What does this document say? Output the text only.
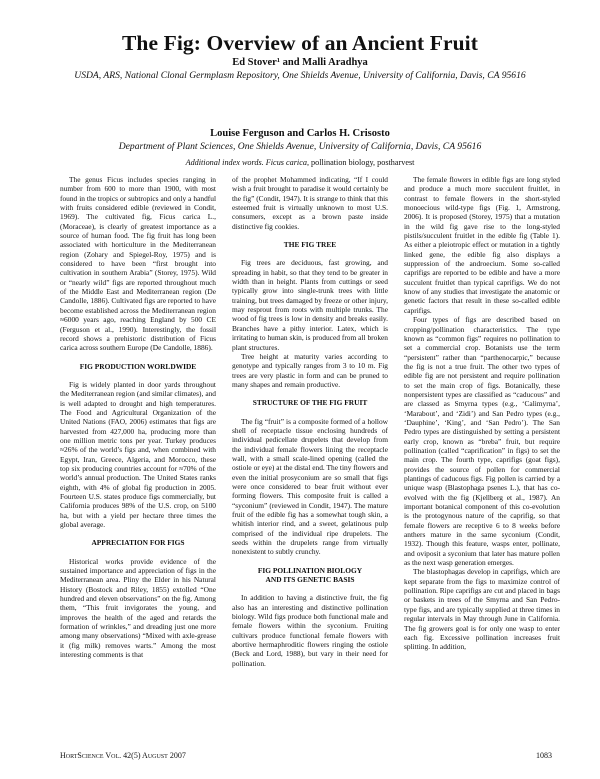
The Fig: Overview of an Ancient Fruit
Ed Stover¹ and Malli Aradhya
USDA, ARS, National Clonal Germplasm Repository, One Shields Avenue, University of California, Davis, CA 95616
Louise Ferguson and Carlos H. Crisosto
Department of Plant Sciences, One Shields Avenue, University of California, Davis, CA 95616
Additional index words. Ficus carica, pollination biology, postharvest

The genus Ficus includes species ranging in number from 600 to more than 1900, with most found in the tropics or subtropics and only a handful with fruits considered edible (reviewed in Condit, 1969). The cultivated fig, Ficus carica L., (Moraceae), is clearly of greatest importance as a source of human food. The fig fruit has long been associated with horticulture in the Mediterranean region (Zohary and Spiegel-Roy, 1975) and is considered to have been “first brought into cultivation in southern Arabia” (Storey, 1975). Wild or “nearly wild” figs are reported throughout much of the Middle East and Mediterranean region (De Candolle, 1886). Cultivated figs are reported to have become established across the Mediterranean region ≈6000 years ago, reaching England by 500 CE (Ferguson et al., 1990). Interestingly, the fossil record shows a prehistoric distribution of Ficus carica across southern Europe (De Candolle, 1886).

FIG PRODUCTION WORLDWIDE

Fig is widely planted in door yards throughout the Mediterranean region (and similar climates), and is well adapted to drought and high temperatures. The Food and Agricultural Organization of the United Nations (FAO, 2006) estimates that figs are harvested from 427,000 ha, producing more than one million metric tons per year. Turkey produces ≈26% of the world’s figs and, when combined with Egypt, Iran, Greece, Algeria, and Morocco, these top six producing countries account for ≈70% of the world’s annual production. The United States ranks eighth, with 4% of global fig production in 2005. Fourteen U.S. states produce figs commercially, but California produces 98% of the U.S. crop, on 5100 ha, but with a yield per hectare three times the global average.

APPRECIATION FOR FIGS

Historical works provide evidence of the sustained importance and appreciation of figs in the Mediterranean area. Pliny the Elder in his Natural History (Bostock and Riley, 1855) extolled “One hundred and eleven observations” on the fig. Among them, “This fruit invigorates the young, and improves the health of the aged and retards the formation of wrinkles,” and dreading just one more among many observations) “Mixed with axle-grease it (fig milk) removes warts.” Among the most interesting comments is that

of the prophet Mohammed indicating, “If I could wish a fruit brought to paradise it would certainly be the fig” (Condit, 1947). It is strange to think that this esteemed fruit is virtually unknown to most U.S. consumers, except as a brown paste inside distinctive fig cookies.

THE FIG TREE

Fig trees are deciduous, fast growing, and spreading in habit, so that they tend to be greater in width than in height. Plants from cuttings or seed typically grow into single-trunk trees with little training, but trees damaged by freeze or other injury, may resprout from roots with multiple trunks. The wood of fig trees is low in density and breaks easily. Branches have a pithy interior. Latex, which is irritating to human skin, is produced from all broken plant structures.

Tree height at maturity varies according to genotype and typically ranges from 3 to 10 m. Fig trees are very plastic in form and can be pruned to many shapes and remain productive.

STRUCTURE OF THE FIG FRUIT

The fig “fruit” is a composite formed of a hollow shell of receptacle tissue enclosing hundreds of individual pedicellate drupelets that develop from the individual female flowers lining the receptacle wall, with a small scale-lined opening (called the ostiole or eye) at the distal end. The tiny flowers and even the initial prosyconium are so small that figs were once considered to bear fruit without ever forming flowers. This composite fruit is called a “syconium” (reviewed in Condit, 1947). The mature fruit of the edible fig has a somewhat tough skin, a whitish interior rind, and a sweet, gelatinous pulp comprised of the individual ripe drupelets. The seeds within the drupelets range from virtually nonexistent to subtly crunchy.

FIG POLLINATION BIOLOGY
AND ITS GENETIC BASIS

In addition to having a distinctive fruit, the fig also has an interesting and distinctive pollination biology. Wild figs produce both functional male and female flowers within the syconium. Fruiting cultivars produce functional female flowers with abortive hermaphroditic flowers ringing the ostiole (Beck and Lord, 1988), but vary in their need for pollination.

The female flowers in edible figs are long styled and produce a much more succulent fruitlet, in contrast to female flowers in the short-styled monoecious wild-type figs (Fig. 1, Armstrong, 2006). It is proposed (Storey, 1975) that a mutation in the wild fig gave rise to the long-styled pistils/succulent fruitlet in the edible fig (Table 1). As either a pleiotropic effect or mutation in a tightly linked gene, the edible fig also displays a suppression of the androecium. Some so-called caprifigs are reported to be edible and have a more succulent fruitlet than typical caprifigs. We do not know of any studies that investigate the anatomic or genetic factors that result in these so-called edible caprifigs.

Four types of figs are described based on cropping/pollination characteristics. The type known as “common figs” requires no pollination to set a commercial crop. Botanists use the term “persistent” rather than “parthenocarpic,” because the fig is not a true fruit. The other two types of edible fig are not persistent and require pollination to set the main crop of figs. Botanically, these nonpersistent types are classified as “caducous” and are classed as Smyrna types (e.g., ‘Calimyrna’, ‘Marabout’, and ‘Zidi’) and San Pedro types (e.g., ‘Dauphine’, ‘King’, and ‘San Pedro’). The San Pedro types are distinguished by setting a persistent early crop, known as “breba” fruit, but require pollination (called “caprification” in figs) to set the main crop. The fourth type, caprifigs (goat figs), provides the source of pollen for commercial plantings of caducous figs. Fig pollen is carried by a unique wasp (Blastophaga psenes L.), that has co-evolved with the fig (Kjellberg et al., 1987). An important botanical component of this co-evolution is the protogynous nature of the caprifig, so that female flowers are receptive 6 to 8 weeks before anthers mature in the same syconium (Condit, 1932). Though this feature, wasps enter, pollinate, and oviposit a syconium that later has mature pollen as the next wasp generation emerges.

The blastophagas develop in caprifigs, which are kept separate from the figs to maximize control of pollination. Ripe caprifigs are cut and placed in bags or baskets in trees of the Smyrna and San Pedro-type figs, and are typically supplied at three times in regular intervals in May through June in California. The fig growers goal is for only one wasp to enter each fig. Excessive pollination increases fruit splitting. In addition,

HortScience Vol. 42(5) August 2007	1083
